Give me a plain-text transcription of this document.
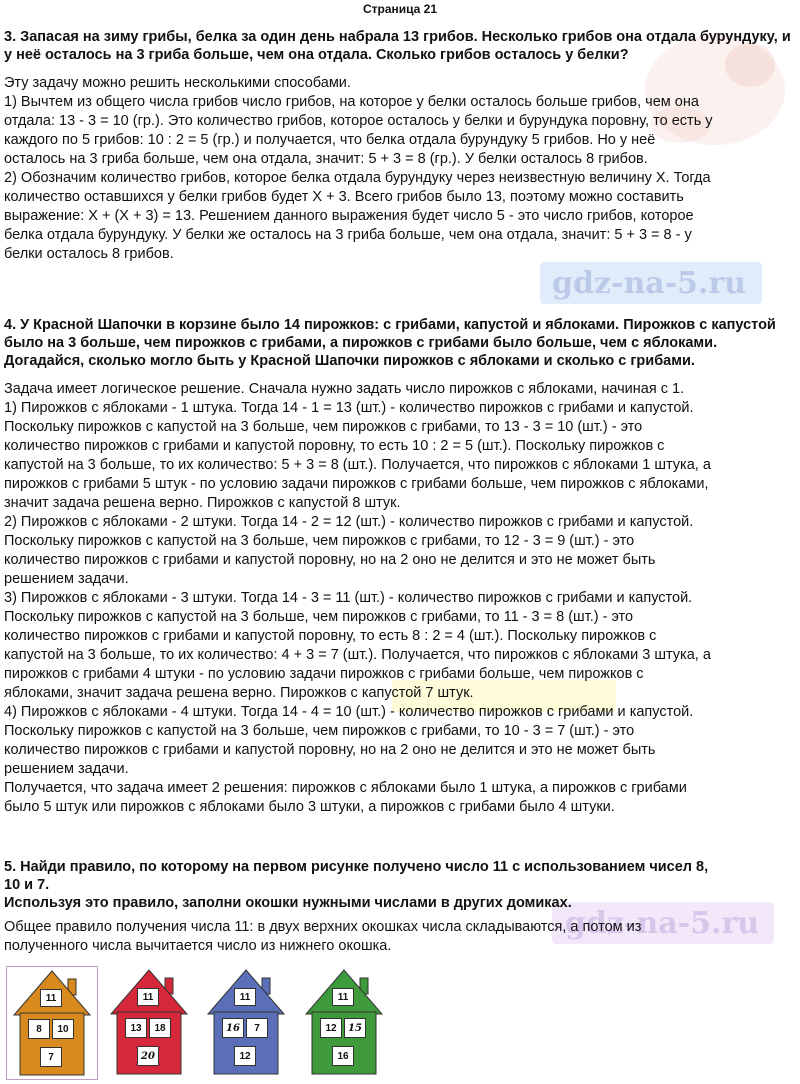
Страница 21
gdz-na-5.ru
gdz-na-5.ru

3. Запасая на зиму грибы, белка за один день набрала 13 грибов. Несколько грибов она отдала бурундуку, и у неё осталось на 3 гриба больше, чем она отдала. Сколько грибов осталось у белки?

Эту задачу можно решить несколькими способами.

1) Вычтем из общего числа грибов число грибов, на которое у белки осталось больше грибов, чем она

отдала: 13 - 3 = 10 (гр.). Это количество грибов, которое осталось у белки и бурундука поровну, то есть у

каждого по 5 грибов: 10 : 2 = 5 (гр.) и получается, что белка отдала бурундуку 5 грибов. Но у неё

осталось на 3 гриба больше, чем она отдала, значит: 5 + 3 = 8 (гр.). У белки осталось 8 грибов.

2) Обозначим количество грибов, которое белка отдала бурундуку через неизвестную величину Х. Тогда

количество оставшихся у белки грибов будет Х + 3. Всего грибов было 13, поэтому можно составить

выражение: Х + (Х + 3) = 13. Решением данного выражения будет число 5 - это число грибов, которое

белка отдала бурундуку. У белки же осталось на 3 гриба больше, чем она отдала, значит: 5 + 3 = 8 - у

белки осталось 8 грибов.

4. У Красной Шапочки в корзине было 14 пирожков: с грибами, капустой и яблоками. Пирожков с капустой было на 3 больше, чем пирожков с грибами, а пирожков с грибами было больше, чем с яблоками. Догадайся, сколько могло быть у Красной Шапочки пирожков с яблоками и сколько с грибами.

Задача имеет логическое решение. Сначала нужно задать число пирожков с яблоками, начиная с 1.

1) Пирожков с яблоками - 1 штука. Тогда 14 - 1 = 13 (шт.) - количество пирожков с грибами и капустой.

Поскольку пирожков с капустой на 3 больше, чем пирожков с грибами, то 13 - 3 = 10 (шт.) - это

количество пирожков с грибами и капустой поровну, то есть 10 : 2 = 5 (шт.). Поскольку пирожков с

капустой на 3 больше, то их количество: 5 + 3 = 8 (шт.). Получается, что пирожков с яблоками 1 штука, а

пирожков с грибами 5 штук - по условию задачи пирожков с грибами больше, чем пирожков с яблоками,

значит задача решена верно. Пирожков с капустой 8 штук.

2) Пирожков с яблоками - 2 штуки. Тогда 14 - 2 = 12 (шт.) - количество пирожков с грибами и капустой.

Поскольку пирожков с капустой на 3 больше, чем пирожков с грибами, то 12 - 3 = 9 (шт.) - это

количество пирожков с грибами и капустой поровну, но на 2 оно не делится и это не может быть

решением задачи.

3) Пирожков с яблоками - 3 штуки. Тогда 14 - 3 = 11 (шт.) - количество пирожков с грибами и капустой.

Поскольку пирожков с капустой на 3 больше, чем пирожков с грибами, то 11 - 3 = 8 (шт.) - это

количество пирожков с грибами и капустой поровну, то есть 8 : 2 = 4 (шт.). Поскольку пирожков с

капустой на 3 больше, то их количество: 4 + 3 = 7 (шт.). Получается, что пирожков с яблоками 3 штука, а

пирожков с грибами 4 штуки - по условию задачи пирожков с грибами больше, чем пирожков с

яблоками, значит задача решена верно. Пирожков с капустой 7 штук.

4) Пирожков с яблоками - 4 штуки. Тогда 14 - 4 = 10 (шт.) - количество пирожков с грибами и капустой.

Поскольку пирожков с капустой на 3 больше, чем пирожков с грибами, то 10 - 3 = 7 (шт.) - это

количество пирожков с грибами и капустой поровну, но на 2 оно не делится и это не может быть

решением задачи.

Получается, что задача имеет 2 решения: пирожков с яблоками было 1 штука, а пирожков с грибами

было 5 штук или пирожков с яблоками было 3 штуки, а пирожков с грибами было 4 штуки.

5. Найди правило, по которому на первом рисунке получено число 11 с использованием чисел 8,

10 и 7.

Используя это правило, заполни окошки нужными числами в других домиках.

Общее правило получения числа 11: в двух верхних окошках числа складываются, а потом из

полученного числа вычитается число из нижнего окошка.

11
8	10
7
11
13	18
20
11
16	7
12
11
12	15
16
